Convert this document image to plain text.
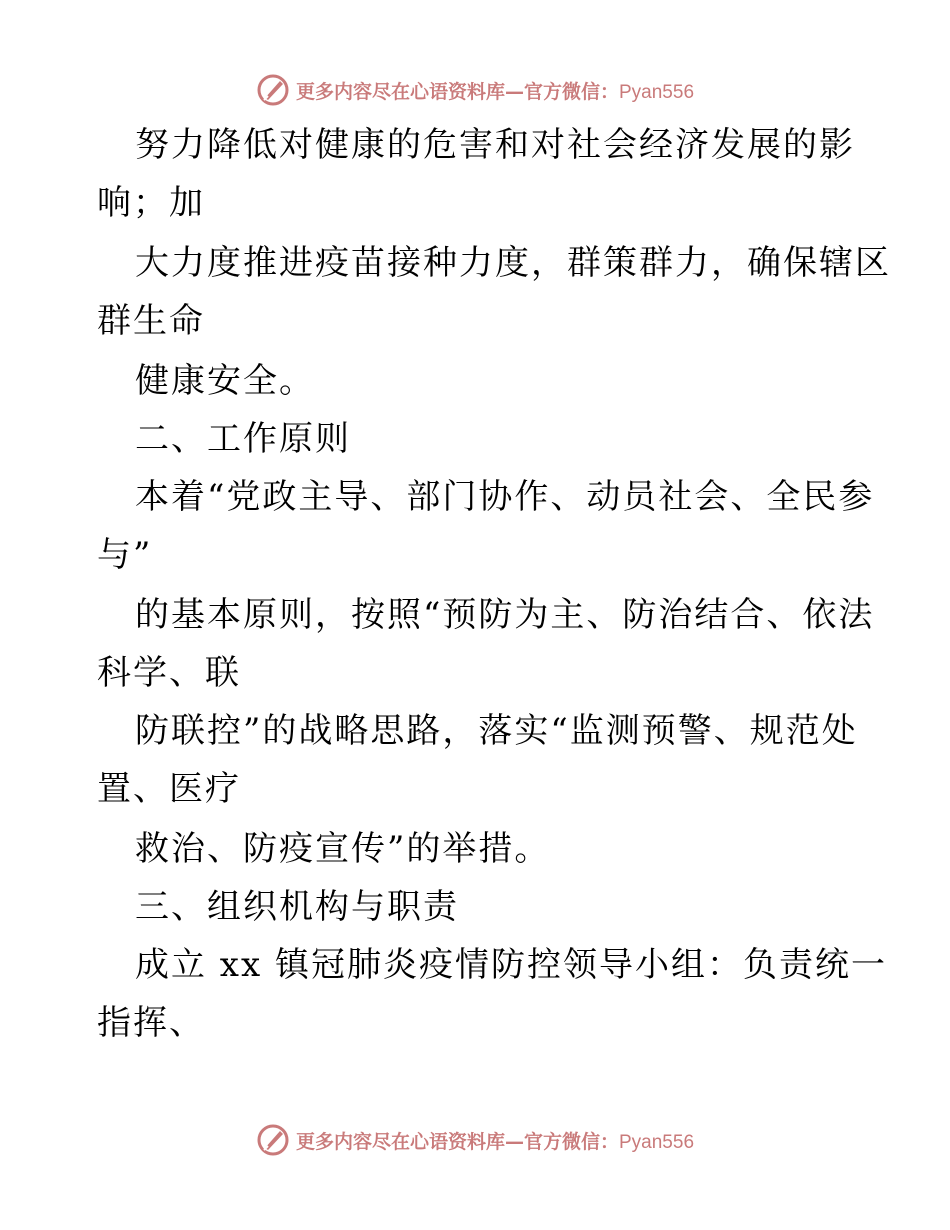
更多内容尽在心语资料库—官方微信：Pyan556
努力降低对健康的危害和对社会经济发展的影
响；加
大力度推进疫苗接种力度，群策群力，确保辖区
群生命
健康安全。
二、工作原则
本着“党政主导、部门协作、动员社会、全民参
与”
的基本原则，按照“预防为主、防治结合、依法
科学、联
防联控”的战略思路，落实“监测预警、规范处
置、医疗
救治、防疫宣传”的举措。
三、组织机构与职责
成立 xx 镇冠肺炎疫情防控领导小组：负责统一
指挥、
更多内容尽在心语资料库—官方微信：Pyan556
